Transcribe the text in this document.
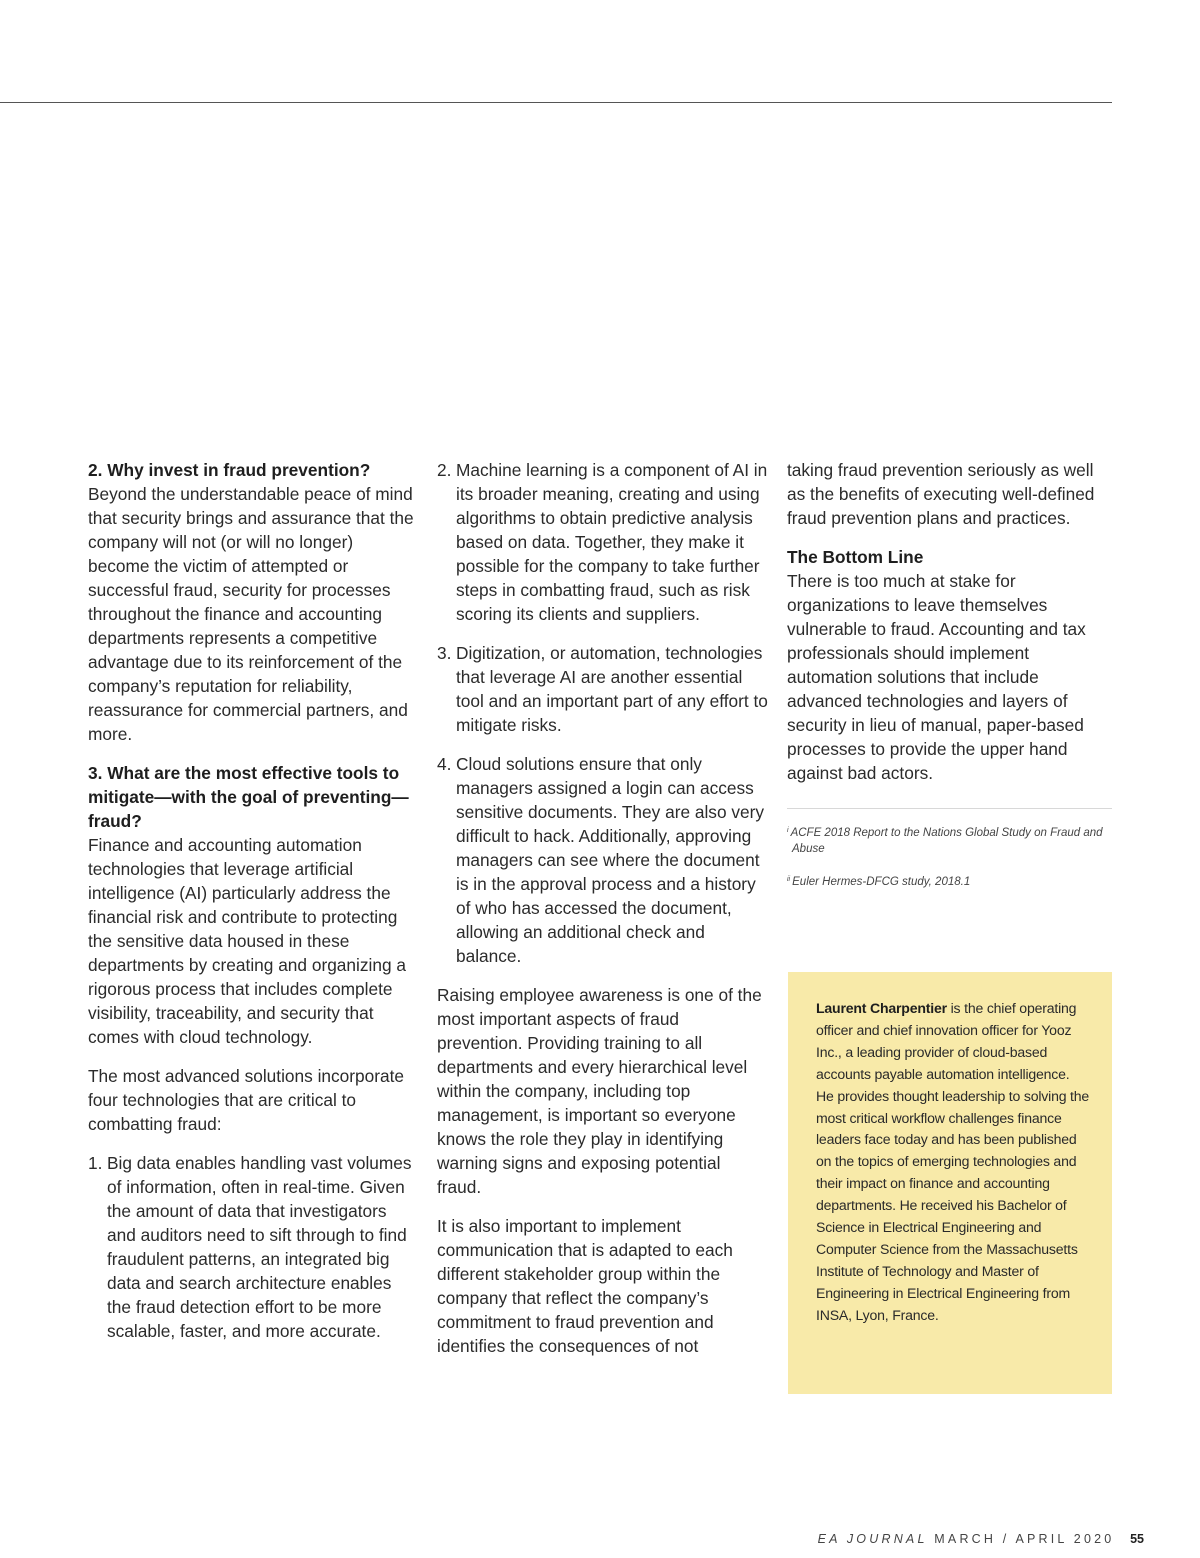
2. Why invest in fraud prevention?
Beyond the understandable peace of mind that security brings and assurance that the company will not (or will no longer) become the victim of attempted or successful fraud, security for processes throughout the finance and accounting departments represents a competitive advantage due to its reinforcement of the company’s reputation for reliability, reassurance for commercial partners, and more.
3. What are the most effective tools to mitigate—with the goal of preventing—fraud?
Finance and accounting automation technologies that leverage artificial intelligence (AI) particularly address the financial risk and contribute to protecting the sensitive data housed in these departments by creating and organizing a rigorous process that includes complete visibility, traceability, and security that comes with cloud technology.

The most advanced solutions incorporate four technologies that are critical to combatting fraud:

1. Big data enables handling vast volumes of information, often in real-time. Given the amount of data that investigators and auditors need to sift through to find fraudulent patterns, an integrated big data and search architecture enables the fraud detection effort to be more scalable, faster, and more accurate.
2. Machine learning is a component of AI in its broader meaning, creating and using algorithms to obtain predictive analysis based on data. Together, they make it possible for the company to take further steps in combatting fraud, such as risk scoring its clients and suppliers.
3. Digitization, or automation, technologies that leverage AI are another essential tool and an important part of any effort to mitigate risks.
4. Cloud solutions ensure that only managers assigned a login can access sensitive documents. They are also very difficult to hack. Additionally, approving managers can see where the document is in the approval process and a history of who has accessed the document, allowing an additional check and balance.

Raising employee awareness is one of the most important aspects of fraud prevention. Providing training to all departments and every hierarchical level within the company, including top management, is important so everyone knows the role they play in identifying warning signs and exposing potential fraud.

It is also important to implement communication that is adapted to each different stakeholder group within the company that reflect the company’s commitment to fraud prevention and identifies the consequences of not

taking fraud prevention seriously as well as the benefits of executing well-defined fraud prevention plans and practices.

The Bottom Line
There is too much at stake for organizations to leave themselves vulnerable to fraud. Accounting and tax professionals should implement automation solutions that include advanced technologies and layers of security in lieu of manual, paper-based processes to provide the upper hand against bad actors.

$^i$ ACFE 2018 Report to the Nations Global Study on Fraud and Abuse

$^{ii}$ Euler Hermes-DFCG study, 2018.1

Laurent Charpentier is the chief operating officer and chief innovation officer for Yooz Inc., a leading provider of cloud-based accounts payable automation intelligence. He provides thought leadership to solving the most critical workflow challenges finance leaders face today and has been published on the topics of emerging technologies and their impact on finance and accounting departments. He received his Bachelor of Science in Electrical Engineering and Computer Science from the Massachusetts Institute of Technology and Master of Engineering in Electrical Engineering from INSA, Lyon, France.
EA JOURNAL MARCH / APRIL 2020 55
